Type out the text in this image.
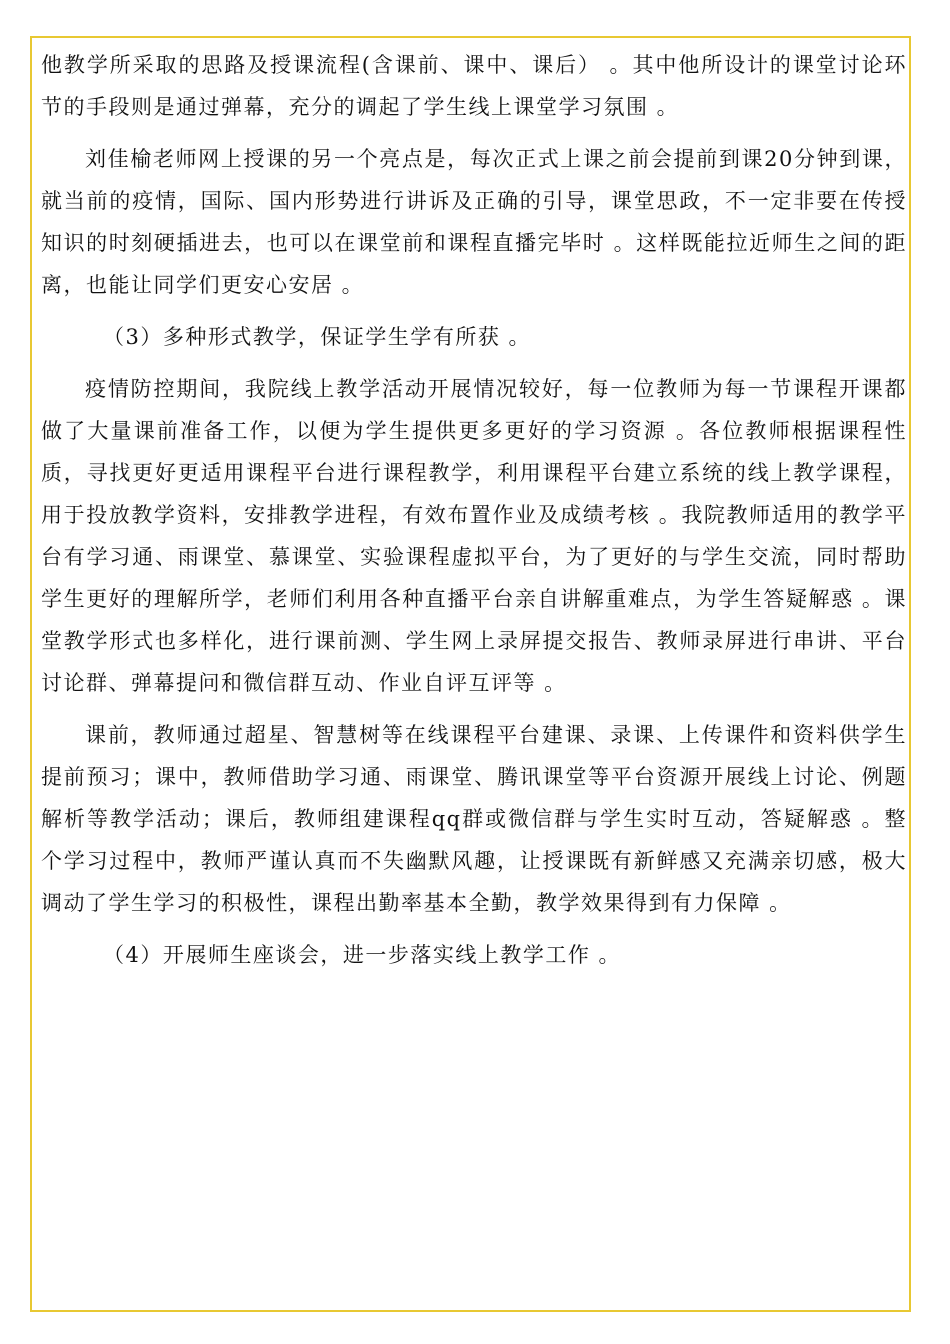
他教学所采取的思路及授课流程(含课前、课中、课后） 。其中他所设计的课堂讨论环节的手段则是通过弹幕，充分的调起了学生线上课堂学习氛围 。

刘佳榆老师网上授课的另一个亮点是，每次正式上课之前会提前到课20分钟到课，就当前的疫情，国际、国内形势进行讲诉及正确的引导，课堂思政，不一定非要在传授知识的时刻硬插进去，也可以在课堂前和课程直播完毕时 。这样既能拉近师生之间的距离，也能让同学们更安心安居 。

（3）多种形式教学，保证学生学有所获 。

疫情防控期间，我院线上教学活动开展情况较好，每一位教师为每一节课程开课都做了大量课前准备工作，以便为学生提供更多更好的学习资源 。各位教师根据课程性质，寻找更好更适用课程平台进行课程教学，利用课程平台建立系统的线上教学课程，用于投放教学资料，安排教学进程，有效布置作业及成绩考核 。我院教师适用的教学平台有学习通、雨课堂、慕课堂、实验课程虚拟平台，为了更好的与学生交流，同时帮助学生更好的理解所学，老师们利用各种直播平台亲自讲解重难点，为学生答疑解惑 。课堂教学形式也多样化，进行课前测、学生网上录屏提交报告、教师录屏进行串讲、平台讨论群、弹幕提问和微信群互动、作业自评互评等 。

课前，教师通过超星、智慧树等在线课程平台建课、录课、上传课件和资料供学生提前预习；课中，教师借助学习通、雨课堂、腾讯课堂等平台资源开展线上讨论、例题解析等教学活动；课后，教师组建课程qq群或微信群与学生实时互动，答疑解惑 。整个学习过程中，教师严谨认真而不失幽默风趣，让授课既有新鲜感又充满亲切感，极大调动了学生学习的积极性，课程出勤率基本全勤，教学效果得到有力保障 。

（4）开展师生座谈会，进一步落实线上教学工作 。
